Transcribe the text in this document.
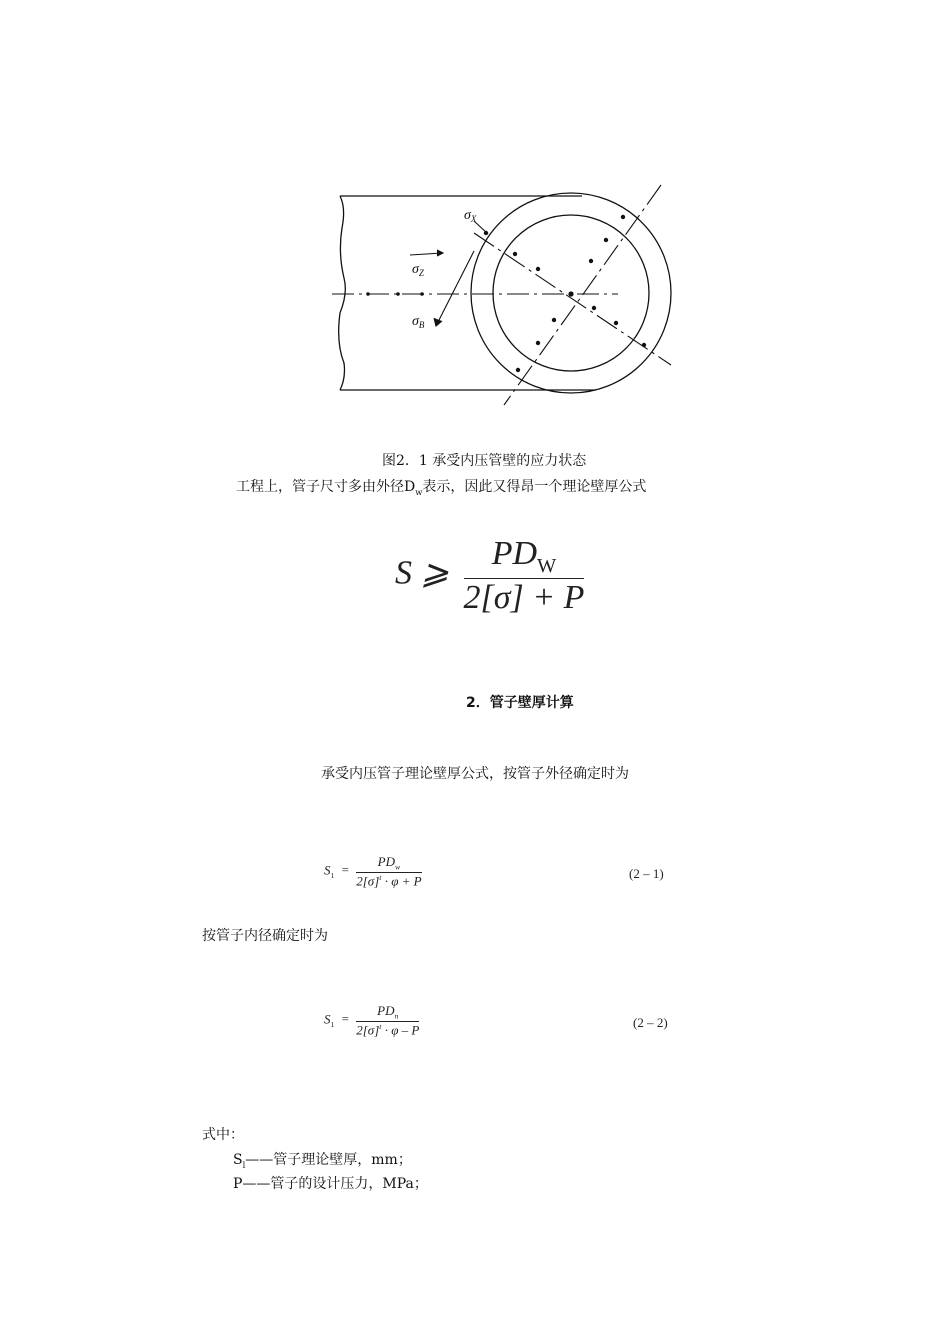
$\sigma_X$
$\sigma_Z$
$\sigma_B$
图2．1 承受内压管壁的应力状态
工程上，管子尺寸多由外径$D_w$表示，因此又得昂一个理论壁厚公式
S ⩾ $\frac{PD_W}{2[\sigma] + P}$
2．管子壁厚计算
承受内压管子理论壁厚公式，按管子外径确定时为
$S_1 = \frac{PD_w}{2[\sigma]^t \cdot \varphi + P}$	(2 – 1)
按管子内径确定时为
$S_1 = \frac{PD_n}{2[\sigma]^t \cdot \varphi - P}$	(2 – 2)
式中：
$S_l——$管子理论壁厚，mm；
P——管子的设计压力，MPa；
